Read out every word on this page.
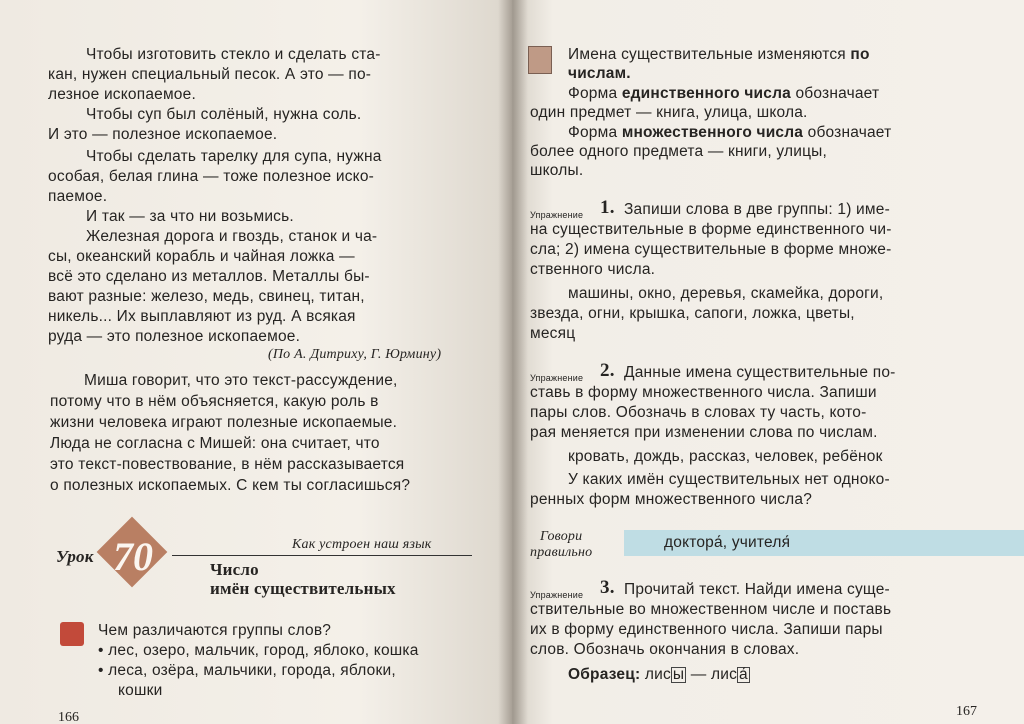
Чтобы изготовить стекло и сделать ста-
кан, нужен специальный песок. А это — по-
лезное ископаемое.
Чтобы суп был солёный, нужна соль.
И это — полезное ископаемое.
Чтобы сделать тарелку для супа, нужна
особая, белая глина — тоже полезное иско-
паемое.
И так — за что ни возьмись.
Железная дорога и гвоздь, станок и ча-
сы, океанский корабль и чайная ложка —
всё это сделано из металлов. Металлы бы-
вают разные: железо, медь, свинец, титан,
никель... Их выплавляют из руд. А всякая
руда — это полезное ископаемое.
(По А. Дитриху, Г. Юрмину)
Миша говорит, что это текст-рассуждение,
потому что в нём объясняется, какую роль в
жизни человека играют полезные ископаемые.
Люда не согласна с Мишей: она считает, что
это текст-повествование, в нём рассказывается
о полезных ископаемых. С кем ты согласишься?
Урок 70	Как устроен наш язык
Число
имён существительных
Чем различаются группы слов?
• лес, озеро, мальчик, город, яблоко, кошка
• леса, озёра, мальчики, города, яблоки,
кошки
166
Имена существительные изменяются по
числам.
Форма единственного числа обозначает
один предмет — книга, улица, школа.
Форма множественного числа обозначает
более одного предмета — книги, улицы,
школы.
Упражнение 1. Запиши слова в две группы: 1) име-
на существительные в форме единственного чи-
сла; 2) имена существительные в форме множе-
ственного числа.
машины, окно, деревья, скамейка, дороги,
звезда, огни, крышка, сапоги, ложка, цветы,
месяц
Упражнение 2. Данные имена существительные по-
ставь в форму множественного числа. Запиши
пары слов. Обозначь в словах ту часть, кото-
рая меняется при изменении слова по числам.
кровать, дождь, рассказ, человек, ребёнок
У каких имён существительных нет одноко-
ренных форм множественного числа?
Говори
правильно
доктора́, учителя́
Упражнение 3. Прочитай текст. Найди имена суще-
ствительные во множественном числе и поставь
их в форму единственного числа. Запиши пары
слов. Обозначь окончания в словах.
Образец: лис ы — лис а́
167
